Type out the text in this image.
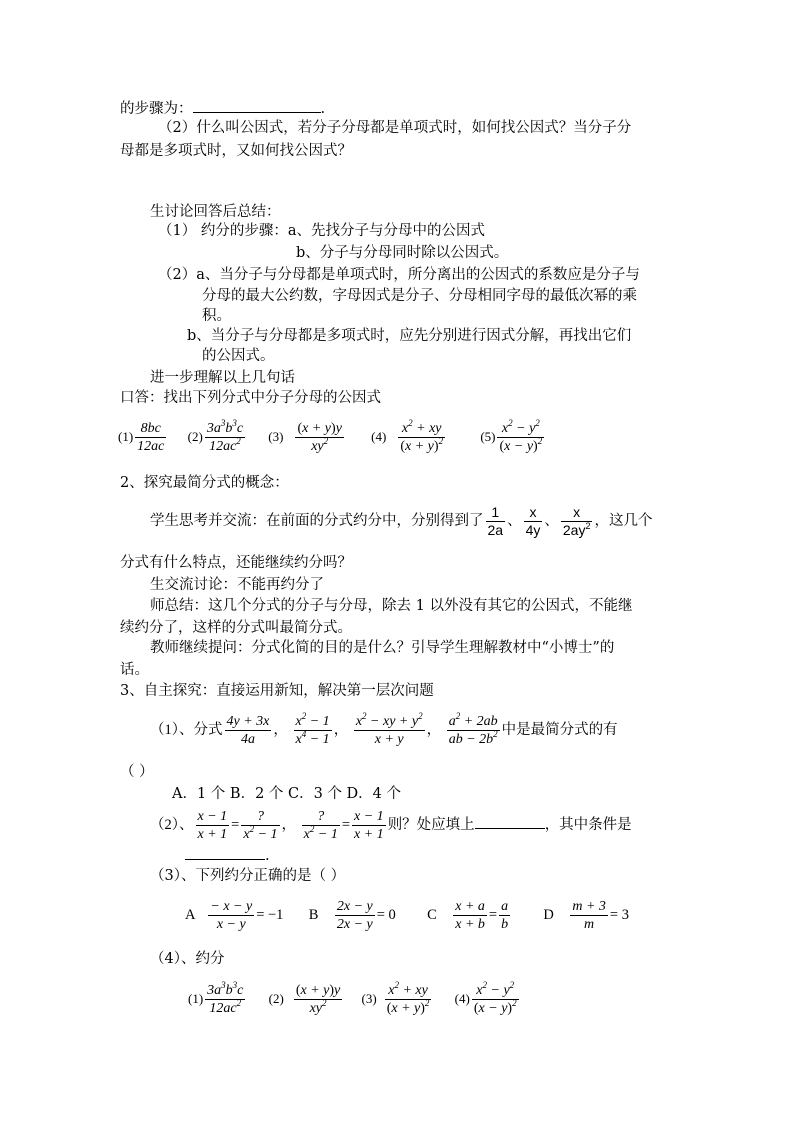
的步骤为：	.
（2）什么叫公因式，若分子分母都是单项式时，如何找公因式？当分子分
母都是多项式时，又如何找公因式？
生讨论回答后总结：
（1） 约分的步骤：a、先找分子与分母中的公因式
b、分子与分母同时除以公因式。
（2）a、当分子与分母都是单项式时，所分离出的公因式的系数应是分子与
分母的最大公约数，字母因式是分子、分母相同字母的最低次幂的乘
积。
b、当分子与分母都是多项式时，应先分别进行因式分解，再找出它们
的公因式。
进一步理解以上几句话
口答：找出下列分式中分子分母的公因式
$(1) \frac{8bc}{12ac} (2) \frac{3a^3b^3c}{12ac^2} (3) \frac{(x + y)y}{xy^2} (4) \frac{x^2 + xy}{(x + y)^2}$	$(5) \frac{x^2 - y^2}{(x - y)^2}$
2、探究最简分式的概念：
学生思考并交流：在前面的分式约分中，分别得到了 $\frac{1}{2a}$ 、 $\frac{x}{4y}$ 、 $\frac{x}{2ay^2}$ ，这几个
分式有什么特点，还能继续约分吗？
生交流讨论：不能再约分了
师总结：这几个分式的分子与分母，除去 1 以外没有其它的公因式，不能继
续约分了，这样的分式叫最简分式。
教师继续提问：分式化简的目的是什么？引导学生理解教材中“小博士”的
话。
3、自主探究：直接运用新知，解决第一层次问题
（1）、分式 $\frac{4y + 3x}{4a}$ ， $\frac{x^2 - 1}{x^4 - 1}$ ， $\frac{x^2 - xy + y^2}{x + y}$ ， $\frac{a^2 + 2ab}{ab - 2b^2}$ 中是最简分式的有
（ ）
A．1 个 B．2 个 C．3 个 D．4 个
（2）、 $\frac{x - 1}{x + 1} = \frac{?}{x^2 - 1}$ ， $\frac{?}{x^2 - 1} = \frac{x - 1}{x + 1}$ 则？处应填上	，其中条件是
.
（3）、下列约分正确的是（ ）
A $\frac{- x - y}{x - y} = -1$ B $\frac{2x - y}{2x - y} = 0$ C $\frac{x + a}{x + b} = \frac{a}{b}$ D $\frac{m + 3}{m} = 3$
（4）、约分
$(1) \frac{3a^3b^3c}{12ac^2} (2) \frac{(x + y)y}{xy^2} (3) \frac{x^2 + xy}{(x + y)^2} (4) \frac{x^2 - y^2}{(x - y)^2}$
